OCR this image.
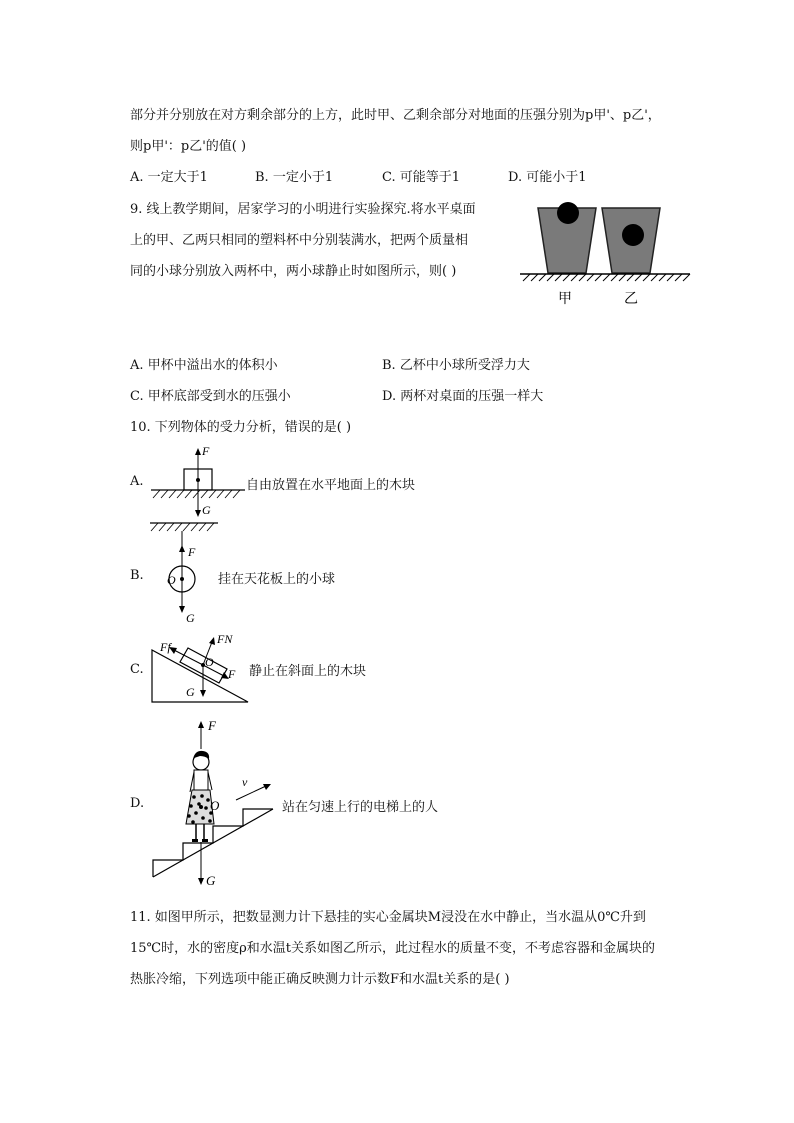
部分并分别放在对方剩余部分的上方，此时甲、乙剩余部分对地面的压强分别为p甲'、p乙'，
则p甲'：p乙'的值( )
A. 一定大于1	B. 一定小于1	C. 可能等于1	D. 可能小于1
9. 线上教学期间，居家学习的小明进行实验探究.将水平桌面
上的甲、乙两只相同的塑料杯中分别装满水，把两个质量相
同的小球分别放入两杯中，两小球静止时如图所示，则( )
甲	乙
A. 甲杯中溢出水的体积小	B. 乙杯中小球所受浮力大
C. 甲杯底部受到水的压强小	D. 两杯对桌面的压强一样大
10. 下列物体的受力分析，错误的是( )
A.
F
G
自由放置在水平地面上的木块
B.
F
O
G
挂在天花板上的小球
C.
Ff
FN
O
F
G
静止在斜面上的木块
D.
v
F
O
G
站在匀速上行的电梯上的人
11. 如图甲所示，把数显测力计下悬挂的实心金属块M浸没在水中静止，当水温从0℃升到
15℃时，水的密度ρ和水温t关系如图乙所示，此过程水的质量不变，不考虑容器和金属块的
热胀冷缩，下列选项中能正确反映测力计示数F和水温t关系的是( )
